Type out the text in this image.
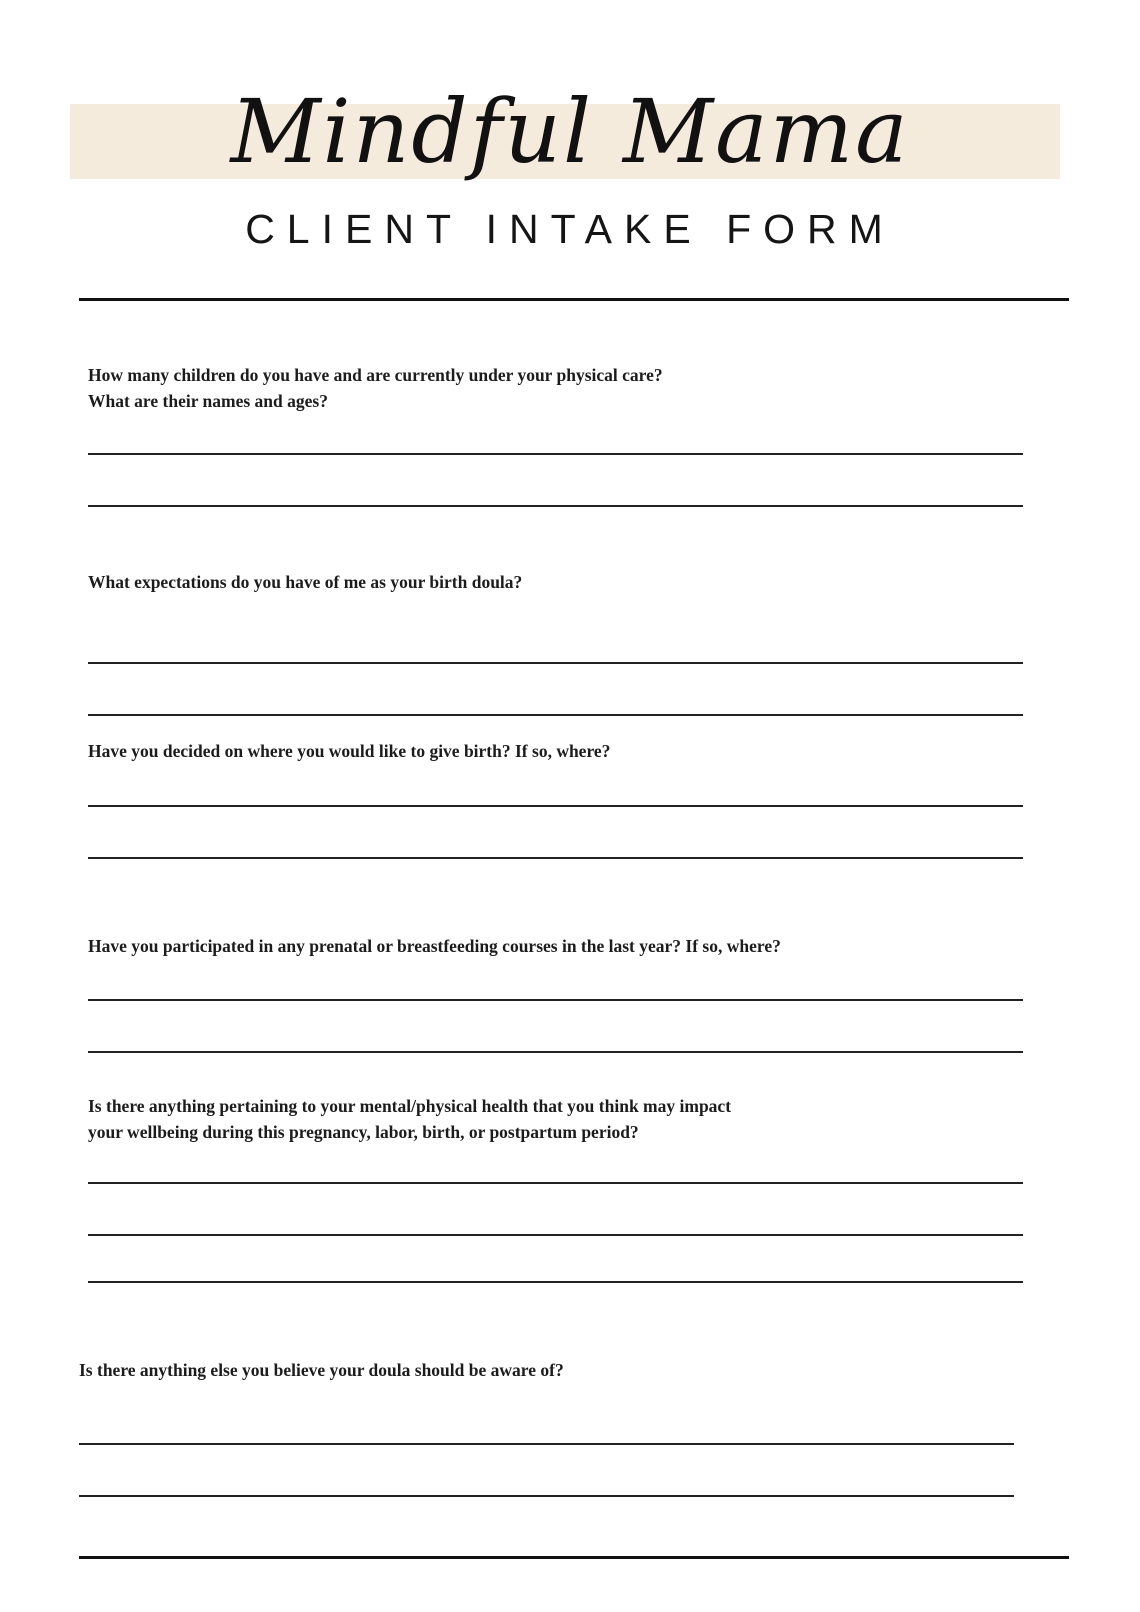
Mindful Mama
CLIENT INTAKE FORM
How many children do you have and are currently under your physical care?
What are their names and ages?
What expectations do you have of me as your birth doula?
Have you decided on where you would like to give birth? If so, where?
Have you participated in any prenatal or breastfeeding courses in the last year? If so, where?
Is there anything pertaining to your mental/physical health that you think may impact
your wellbeing during this pregnancy, labor, birth, or postpartum period?
Is there anything else you believe your doula should be aware of?
